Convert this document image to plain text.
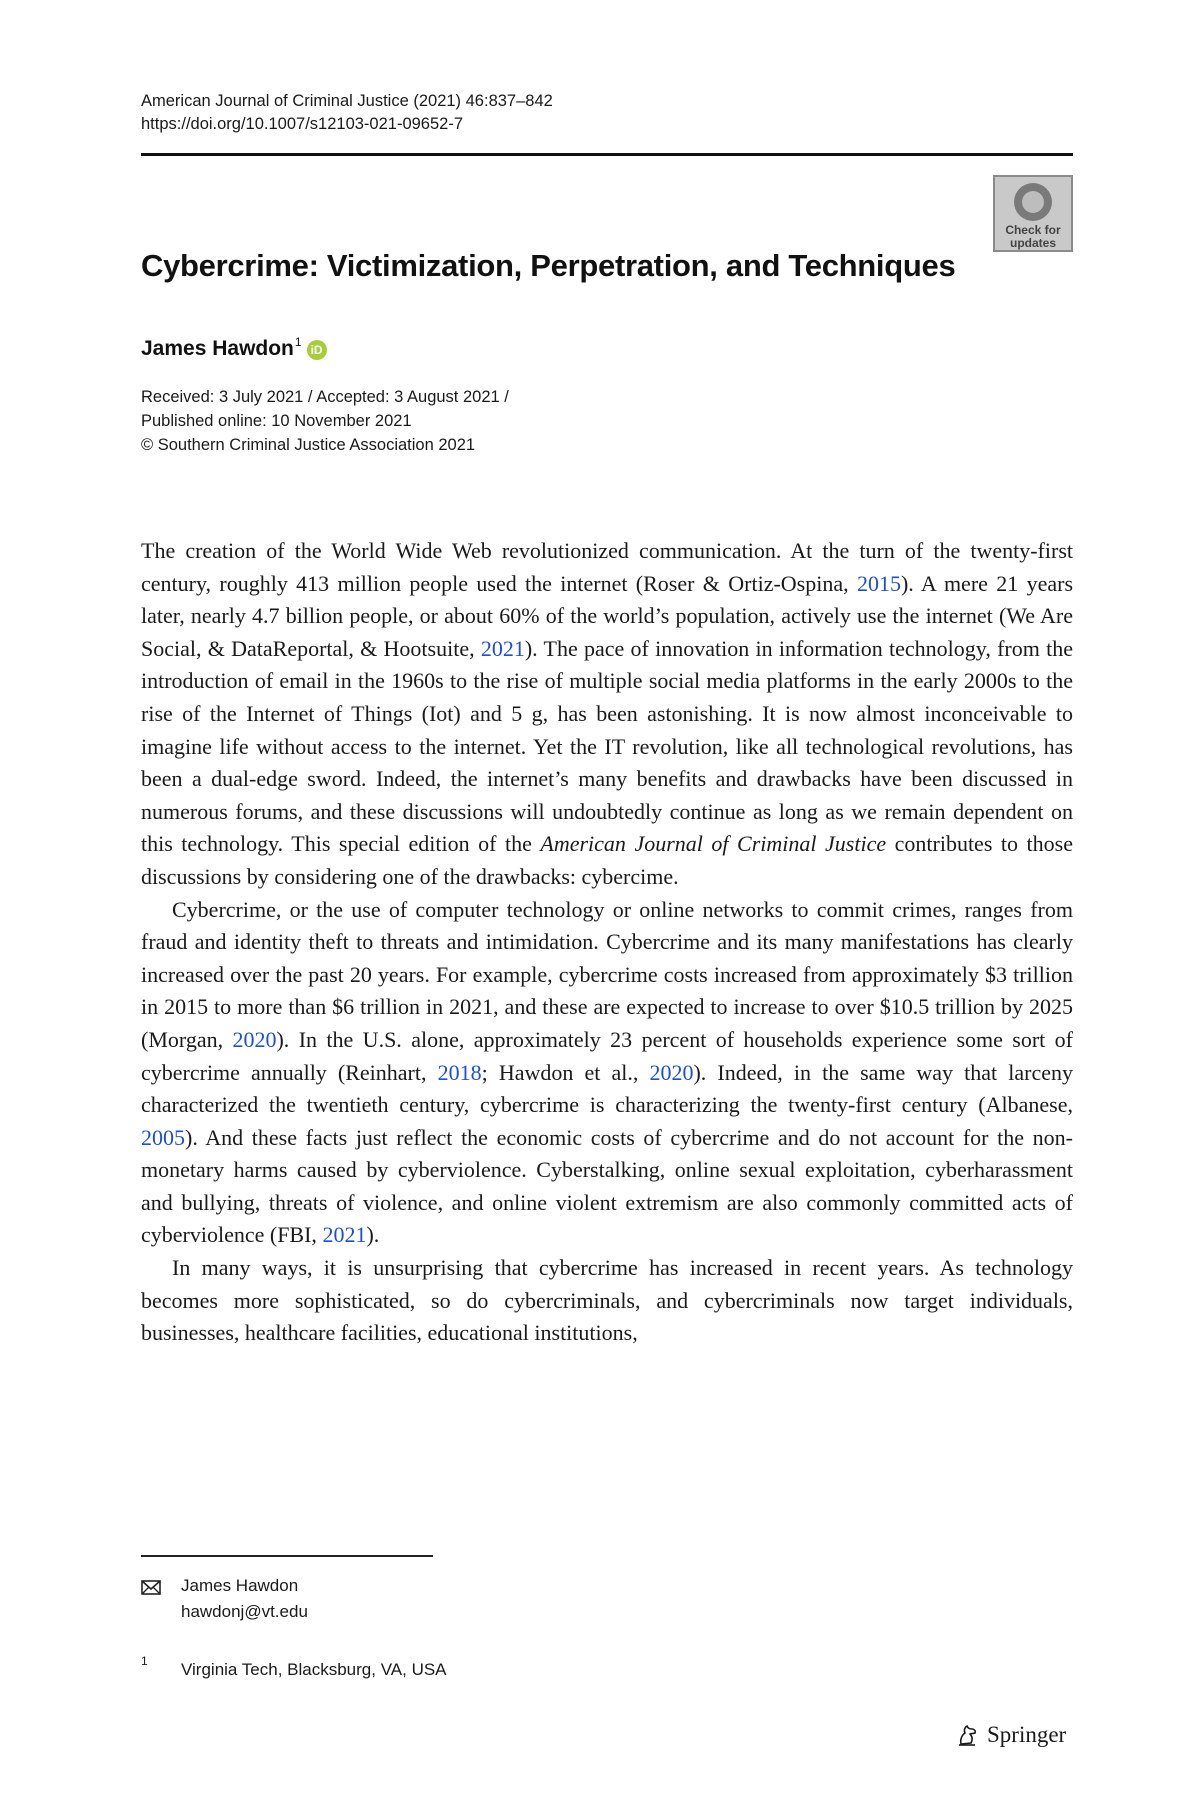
American Journal of Criminal Justice (2021) 46:837–842
https://doi.org/10.1007/s12103-021-09652-7
Check for
updates
Cybercrime: Victimization, Perpetration, and Techniques
James Hawdon$^1$
iD
Received: 3 July 2021 / Accepted: 3 August 2021 /
Published online: 10 November 2021
© Southern Criminal Justice Association 2021

The creation of the World Wide Web revolutionized communication. At the turn of the twenty-first century, roughly 413 million people used the internet (Roser & Ortiz-Ospina, 2015). A mere 21 years later, nearly 4.7 billion people, or about 60% of the world’s population, actively use the internet (We Are Social, & DataReportal, & Hootsuite, 2021). The pace of innovation in information technology, from the introduction of email in the 1960s to the rise of multiple social media platforms in the early 2000s to the rise of the Internet of Things (Iot) and 5 g, has been astonishing. It is now almost inconceivable to imagine life without access to the internet. Yet the IT revolution, like all technological revolutions, has been a dual-edge sword. Indeed, the internet’s many benefits and drawbacks have been discussed in numerous forums, and these discussions will undoubtedly continue as long as we remain dependent on this technology. This special edition of the American Journal of Criminal Justice contributes to those discussions by considering one of the drawbacks: cybercime.

Cybercrime, or the use of computer technology or online networks to commit crimes, ranges from fraud and identity theft to threats and intimidation. Cybercrime and its many manifestations has clearly increased over the past 20 years. For example, cybercrime costs increased from approximately $3 trillion in 2015 to more than $6 trillion in 2021, and these are expected to increase to over $10.5 trillion by 2025 (Morgan, 2020). In the U.S. alone, approximately 23 percent of households experience some sort of cybercrime annually (Reinhart, 2018; Hawdon et al., 2020). Indeed, in the same way that larceny characterized the twentieth century, cybercrime is characterizing the twenty-first century (Albanese, 2005). And these facts just reflect the economic costs of cybercrime and do not account for the non-monetary harms caused by cyberviolence. Cyberstalking, online sexual exploitation, cyberharassment and bullying, threats of violence, and online violent extremism are also commonly committed acts of cyberviolence (FBI, 2021).

In many ways, it is unsurprising that cybercrime has increased in recent years. As technology becomes more sophisticated, so do cybercriminals, and cybercriminals now target individuals, businesses, healthcare facilities, educational institutions,

James Hawdon
hawdonj@vt.edu
1 Virginia Tech, Blacksburg, VA, USA
Springer
